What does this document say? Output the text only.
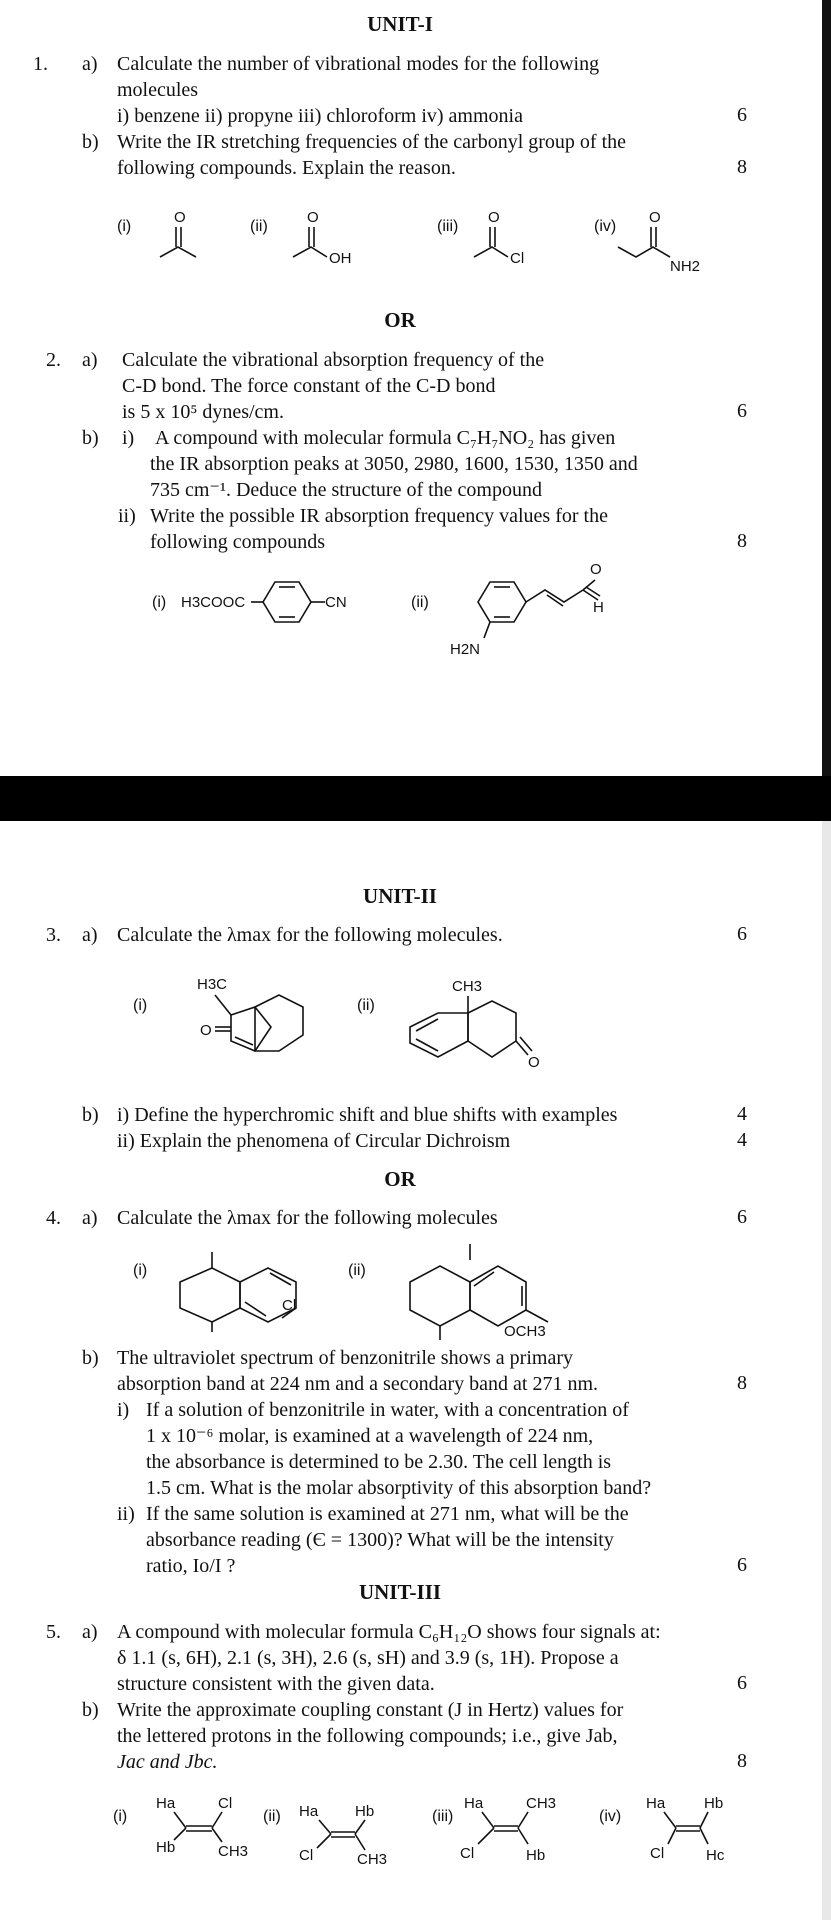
UNIT-I
1. a) Calculate the number of vibrational modes for the following
molecules
i) benzene ii) propyne iii) chloroform iv) ammonia	6
b) Write the IR stretching frequencies of the carbonyl group of the
following compounds. Explain the reason.	8
(i)	(ii)	(iii)	(iv)
O	O
OH
O
Cl
O
NH2
OR
2. a) Calculate the vibrational absorption frequency of the
C-D bond. The force constant of the C-D bond
is 5 x 10⁵ dynes/cm.	6
b) i) A compound with molecular formula C₇H₇NO₂ has given
the IR absorption peaks at 3050, 2980, 1600, 1530, 1350 and
735 cm⁻¹. Deduce the structure of the compound
ii) Write the possible IR absorption frequency values for the
following compounds	8
(i)	(ii)
H3COOC	CN
O
H
H2N
UNIT-II
3. a) Calculate the λmax for the following molecules.	6
(i)	(ii)
H3C
O
CH3
O
b) i) Define the hyperchromic shift and blue shifts with examples	4
ii) Explain the phenomena of Circular Dichroism	4
OR
4. a) Calculate the λmax for the following molecules	6
(i)	(ii)
Cl
OCH3
b) The ultraviolet spectrum of benzonitrile shows a primary
absorption band at 224 nm and a secondary band at 271 nm.	8
i) If a solution of benzonitrile in water, with a concentration of
1 x 10⁻⁶ molar, is examined at a wavelength of 224 nm,
the absorbance is determined to be 2.30. The cell length is
1.5 cm. What is the molar absorptivity of this absorption band?
ii) If the same solution is examined at 271 nm, what will be the
absorbance reading (Є = 1300)? What will be the intensity
ratio, Io/I ?	6
UNIT-III
5. a) A compound with molecular formula C₆H₁₂O shows four signals at:
δ 1.1 (s, 6H), 2.1 (s, 3H), 2.6 (s, sH) and 3.9 (s, 1H). Propose a
structure consistent with the given data.	6
b) Write the approximate coupling constant (J in Hertz) values for
the lettered protons in the following compounds; i.e., give Jab,
Jac and Jbc.	8
(i)	(ii)	(iii)	(iv)
Ha
Hb
Cl
CH3
Ha
Cl
Hb
CH3
Ha
Cl
CH3
Hb
Ha
Cl
Hb
Hc
